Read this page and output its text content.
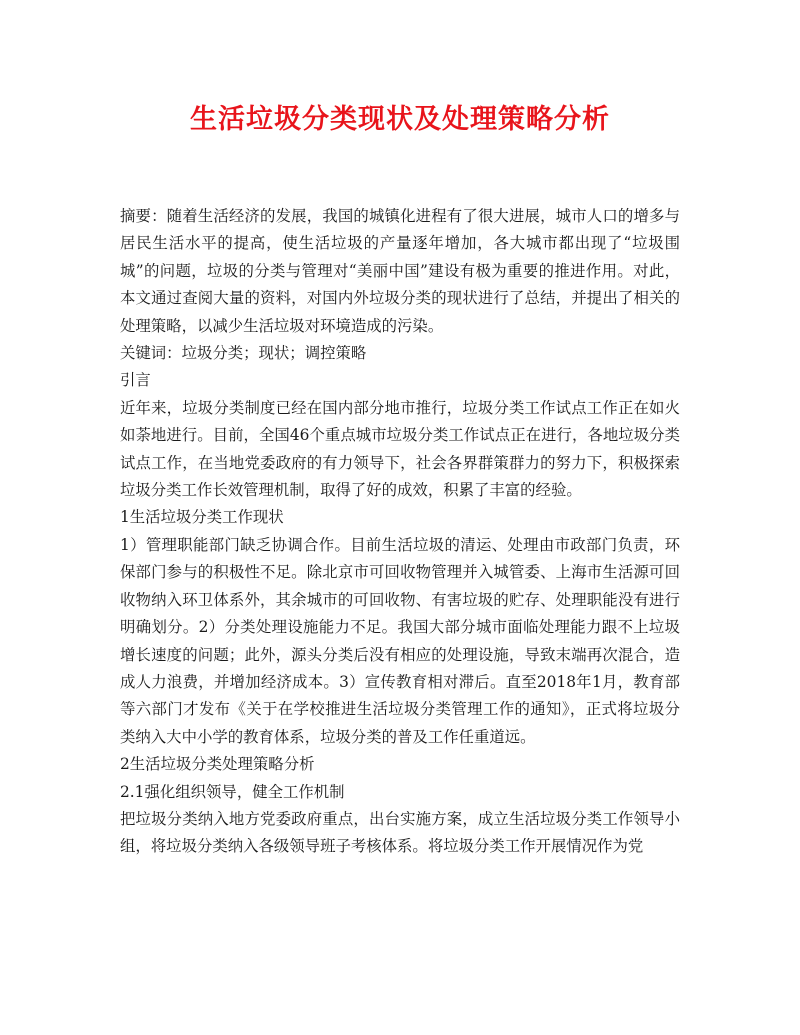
生活垃圾分类现状及处理策略分析

摘要：随着生活经济的发展，我国的城镇化进程有了很大进展，城市人口的增多与居民生活水平的提高，使生活垃圾的产量逐年增加，各大城市都出现了“垃圾围城”的问题，垃圾的分类与管理对“美丽中国”建设有极为重要的推进作用。对此，本文通过查阅大量的资料，对国内外垃圾分类的现状进行了总结，并提出了相关的处理策略，以减少生活垃圾对环境造成的污染。

关键词：垃圾分类；现状；调控策略

引言

近年来，垃圾分类制度已经在国内部分地市推行，垃圾分类工作试点工作正在如火如荼地进行。目前，全国46个重点城市垃圾分类工作试点正在进行，各地垃圾分类试点工作，在当地党委政府的有力领导下，社会各界群策群力的努力下，积极探索垃圾分类工作长效管理机制，取得了好的成效，积累了丰富的经验。

1生活垃圾分类工作现状

1）管理职能部门缺乏协调合作。目前生活垃圾的清运、处理由市政部门负责，环保部门参与的积极性不足。除北京市可回收物管理并入城管委、上海市生活源可回收物纳入环卫体系外，其余城市的可回收物、有害垃圾的贮存、处理职能没有进行明确划分。2）分类处理设施能力不足。我国大部分城市面临处理能力跟不上垃圾增长速度的问题；此外，源头分类后没有相应的处理设施，导致末端再次混合，造成人力浪费，并增加经济成本。3）宣传教育相对滞后。直至2018年1月，教育部等六部门才发布《关于在学校推进生活垃圾分类管理工作的通知》，正式将垃圾分类纳入大中小学的教育体系，垃圾分类的普及工作任重道远。

2生活垃圾分类处理策略分析

2.1强化组织领导，健全工作机制

把垃圾分类纳入地方党委政府重点，出台实施方案，成立生活垃圾分类工作领导小组，将垃圾分类纳入各级领导班子考核体系。将垃圾分类工作开展情况作为党
